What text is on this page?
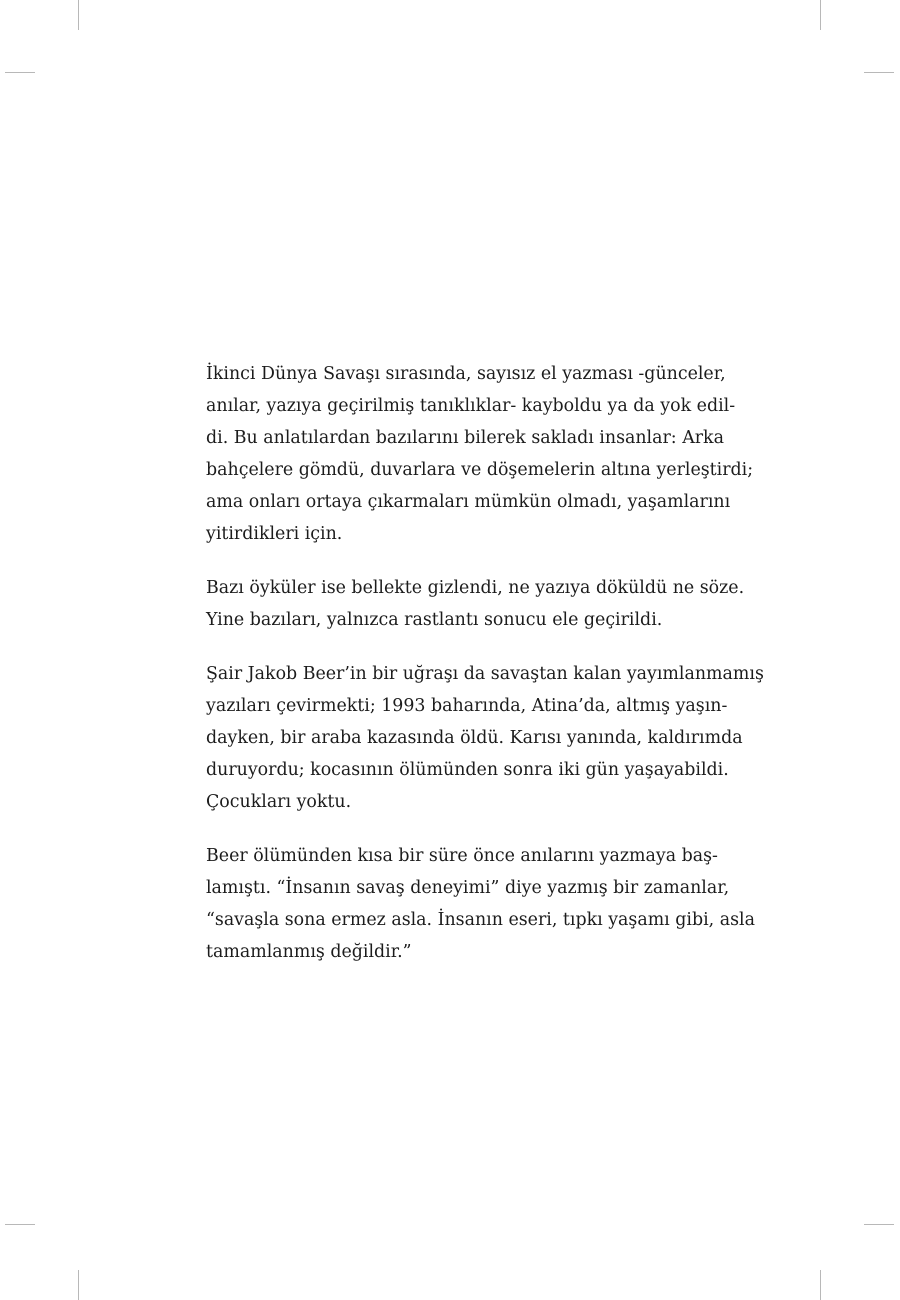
İkinci Dünya Savaşı sırasında, sayısız el yazması -günceler,
anılar, yazıya geçirilmiş tanıklıklar- kayboldu ya da yok edil-
di. Bu anlatılardan bazılarını bilerek sakladı insanlar: Arka
bahçelere gömdü, duvarlara ve döşemelerin altına yerleştirdi;
ama onları ortaya çıkarmaları mümkün olmadı, yaşamlarını
yitirdikleri için.

Bazı öyküler ise bellekte gizlendi, ne yazıya döküldü ne söze.
Yine bazıları, yalnızca rastlantı sonucu ele geçirildi.

Şair Jakob Beer’in bir uğraşı da savaştan kalan yayımlanmamış
yazıları çevirmekti; 1993 baharında, Atina’da, altmış yaşın-
dayken, bir araba kazasında öldü. Karısı yanında, kaldırımda
duruyordu; kocasının ölümünden sonra iki gün yaşayabildi.
Çocukları yoktu.

Beer ölümünden kısa bir süre önce anılarını yazmaya baş-
lamıştı. “İnsanın savaş deneyimi” diye yazmış bir zamanlar,
“savaşla sona ermez asla. İnsanın eseri, tıpkı yaşamı gibi, asla
tamamlanmış değildir.”
